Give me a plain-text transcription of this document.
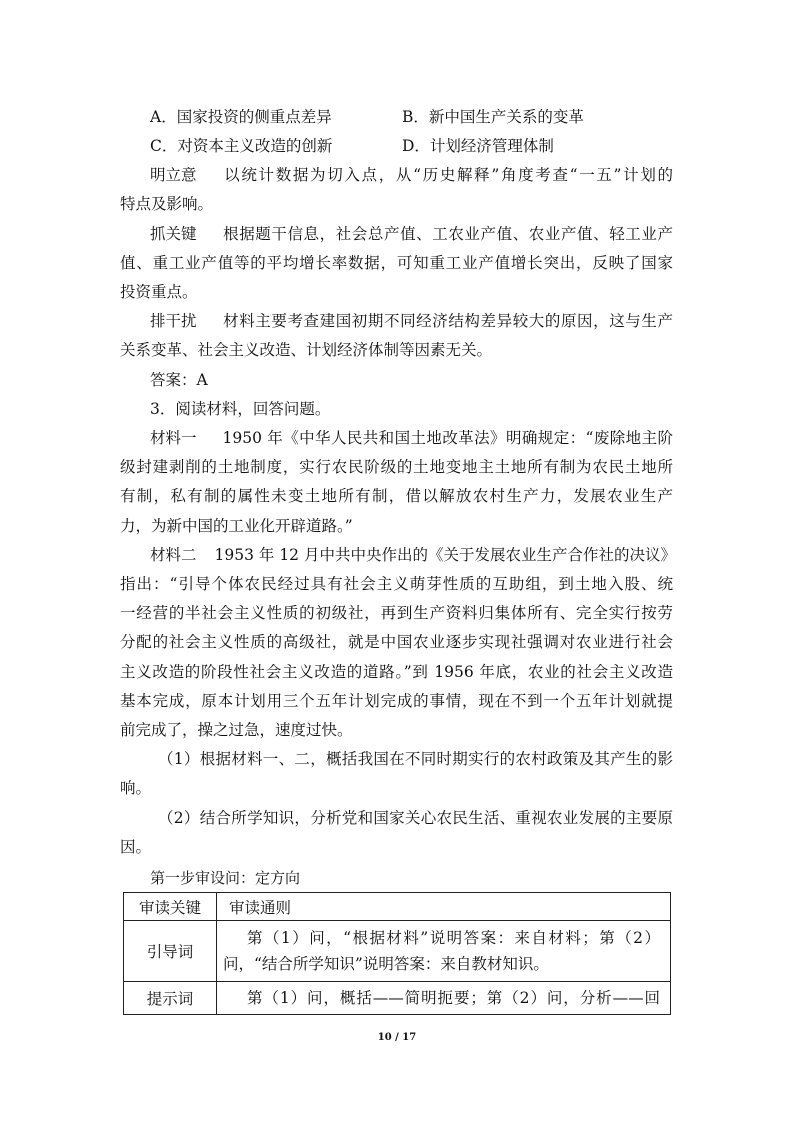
A．国家投资的侧重点差异	B．新中国生产关系的变革
C．对资本主义改造的创新	D．计划经济管理体制
明立意 以统计数据为切入点，从“历史解释”角度考查“一五”计划的
特点及影响。
抓关键 根据题干信息，社会总产值、工农业产值、农业产值、轻工业产
值、重工业产值等的平均增长率数据，可知重工业产值增长突出，反映了国家
投资重点。
排干扰 材料主要考查建国初期不同经济结构差异较大的原因，这与生产
关系变革、社会主义改造、计划经济体制等因素无关。
答案：A
3．阅读材料，回答问题。
材料一 1950 年《中华人民共和国土地改革法》明确规定：“废除地主阶
级封建剥削的土地制度，实行农民阶级的土地变地主土地所有制为农民土地所
有制，私有制的属性未变土地所有制，借以解放农村生产力，发展农业生产
力，为新中国的工业化开辟道路。”
材料二 1953 年 12 月中共中央作出的《关于发展农业生产合作社的决议》
指出：“引导个体农民经过具有社会主义萌芽性质的互助组，到土地入股、统
一经营的半社会主义性质的初级社，再到生产资料归集体所有、完全实行按劳
分配的社会主义性质的高级社，就是中国农业逐步实现社强调对农业进行社会
主义改造的阶段性社会主义改造的道路。”到 1956 年底，农业的社会主义改造
基本完成，原本计划用三个五年计划完成的事情，现在不到一个五年计划就提
前完成了，操之过急，速度过快。
（1）根据材料一、二，概括我国在不同时期实行的农村政策及其产生的影
响。
（2）结合所学知识，分析党和国家关心农民生活、重视农业发展的主要原
因。
第一步审设问：定方向
审读关键	审读通则
引导词	第（1）问，“根据材料”说明答案：来自材料；第（2）
问，“结合所学知识”说明答案：来自教材知识。

提示词	第（1）问，概括——简明扼要；第（2）问，分析——回
10 / 17
